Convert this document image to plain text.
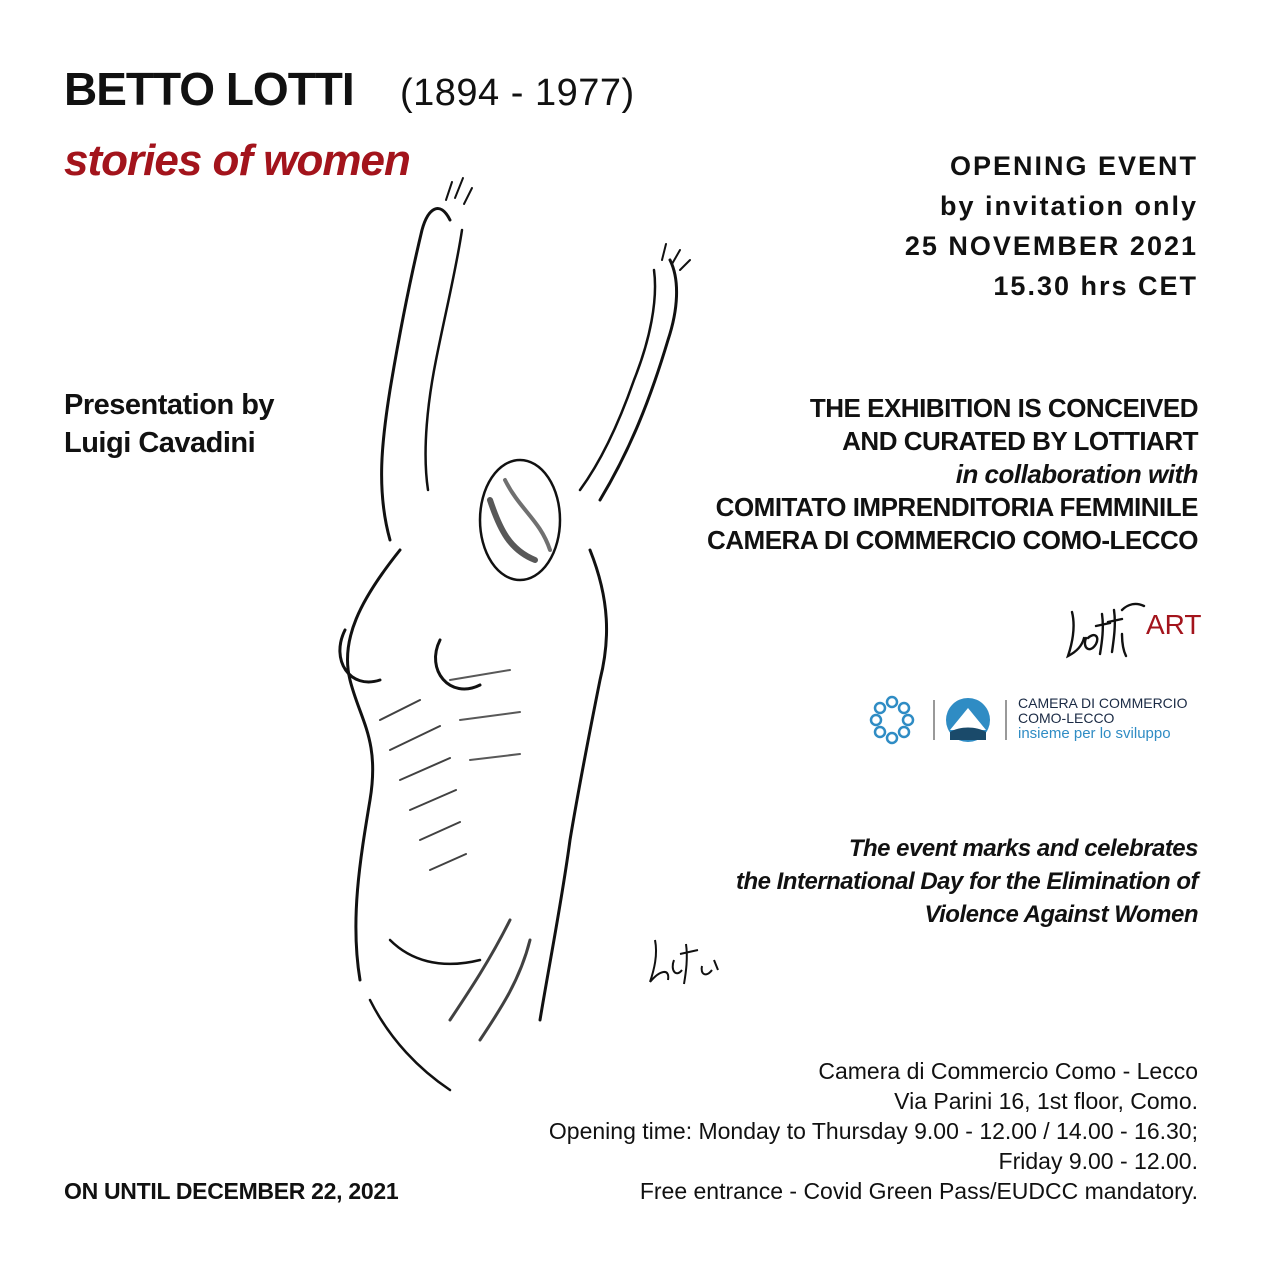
BETTO LOTTI (1894 - 1977)
stories of women	OPENING EVENT
by invitation only
25 NOVEMBER 2021
15.30 hrs CET
Presentation by
Luigi Cavadini
THE EXHIBITION IS CONCEIVED
AND CURATED BY LOTTIART
in collaboration with
COMITATO IMPRENDITORIA FEMMINILE
CAMERA DI COMMERCIO COMO-LECCO
ART
CAMERA DI COMMERCIO
COMO-LECCO
insieme per lo sviluppo
The event marks and celebrates
the International Day for the Elimination of
Violence Against Women
Camera di Commercio Como - Lecco
Via Parini 16, 1st floor, Como.
Opening time: Monday to Thursday 9.00 - 12.00 / 14.00 - 16.30;
Friday 9.00 - 12.00.
Free entrance - Covid Green Pass/EUDCC mandatory.
ON UNTIL DECEMBER 22, 2021
